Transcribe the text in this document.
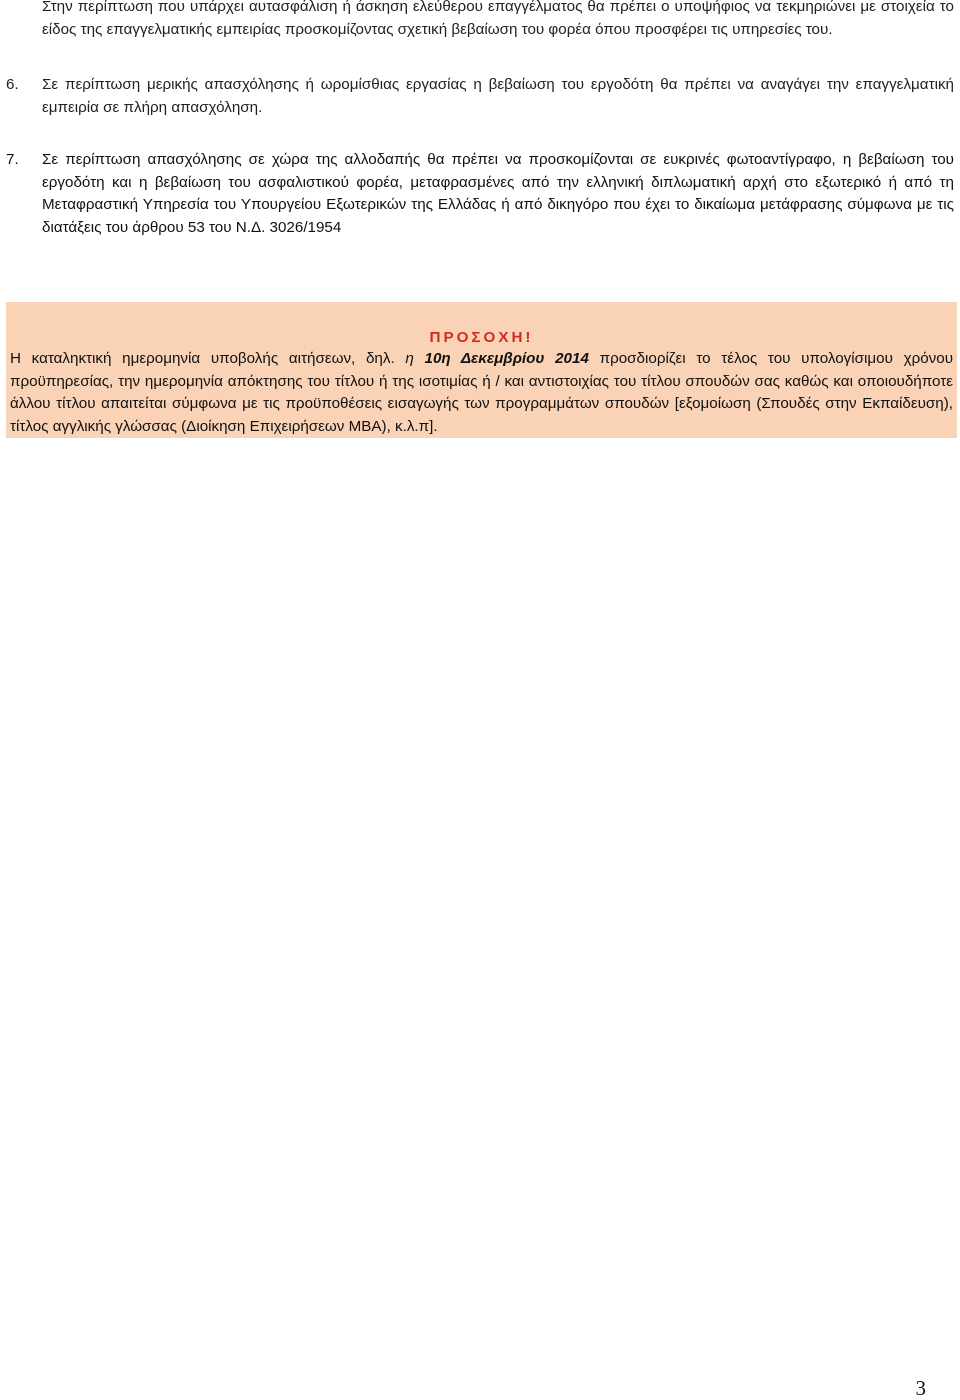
Στην περίπτωση που υπάρχει αυτασφάλιση ή άσκηση ελεύθερου επαγγέλματος θα πρέπει ο υποψήφιος να τεκμηριώνει με στοιχεία το είδος της επαγγελματικής εμπειρίας προσκομίζοντας σχετική βεβαίωση του φορέα όπου προσφέρει τις υπηρεσίες του.

6.	Σε περίπτωση μερικής απασχόλησης ή ωρομίσθιας εργασίας η βεβαίωση του εργοδότη θα πρέπει να αναγάγει την επαγγελματική εμπειρία σε πλήρη απασχόληση.
7.	Σε περίπτωση απασχόλησης σε χώρα της αλλοδαπής θα πρέπει να προσκομίζονται σε ευκρινές φωτοαντίγραφο, η βεβαίωση του εργοδότη και η βεβαίωση του ασφαλιστικού φορέα, μεταφρασμένες από την ελληνική διπλωματική αρχή στο εξωτερικό ή από τη Μεταφραστική Υπηρεσία του Υπουργείου Εξωτερικών της Ελλάδας ή από δικηγόρο που έχει το δικαίωμα μετάφρασης σύμφωνα με τις διατάξεις του άρθρου 53 του Ν.Δ. 3026/1954

ΠΡΟΣΟΧΗ!

Η καταληκτική ημερομηνία υποβολής αιτήσεων, δηλ. η 10η Δεκεμβρίου 2014 προσδιορίζει το τέλος του υπολογίσιμου χρόνου προϋπηρεσίας, την ημερομηνία απόκτησης του τίτλου ή της ισοτιμίας ή / και αντιστοιχίας του τίτλου σπουδών σας καθώς και οποιουδήποτε άλλου τίτλου απαιτείται σύμφωνα με τις προϋποθέσεις εισαγωγής των προγραμμάτων σπουδών [εξομοίωση (Σπουδές στην Εκπαίδευση), τίτλος αγγλικής γλώσσας (Διοίκηση Επιχειρήσεων MBA), κ.λ.π].

3
